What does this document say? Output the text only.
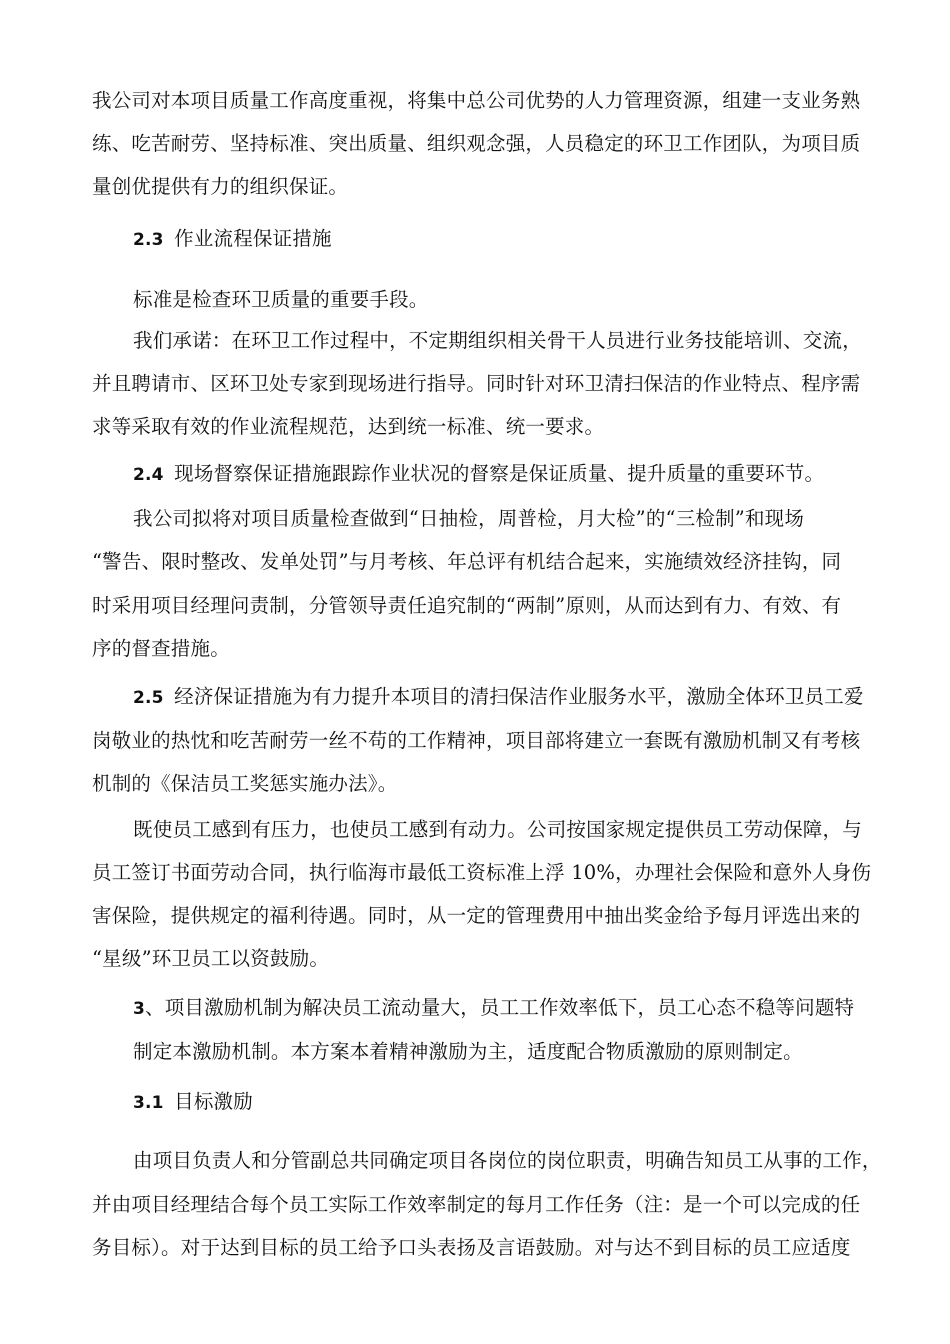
我公司对本项目质量工作高度重视，将集中总公司优势的人力管理资源，组建一支业务熟
练、吃苦耐劳、坚持标准、突出质量、组织观念强，人员稳定的环卫工作团队，为项目质
量创优提供有力的组织保证。
2.3 作业流程保证措施
标准是检查环卫质量的重要手段。
我们承诺：在环卫工作过程中，不定期组织相关骨干人员进行业务技能培训、交流，
并且聘请市、区环卫处专家到现场进行指导。同时针对环卫清扫保洁的作业特点、程序需
求等采取有效的作业流程规范，达到统一标准、统一要求。
2.4 现场督察保证措施跟踪作业状况的督察是保证质量、提升质量的重要环节。
我公司拟将对项目质量检查做到“日抽检，周普检，月大检”的“三检制”和现场
“警告、限时整改、发单处罚”与月考核、年总评有机结合起来，实施绩效经济挂钩，同
时采用项目经理问责制，分管领导责任追究制的“两制”原则，从而达到有力、有效、有
序的督查措施。
2.5 经济保证措施为有力提升本项目的清扫保洁作业服务水平，激励全体环卫员工爱
岗敬业的热忱和吃苦耐劳一丝不苟的工作精神，项目部将建立一套既有激励机制又有考核
机制的《保洁员工奖惩实施办法》。
既使员工感到有压力，也使员工感到有动力。公司按国家规定提供员工劳动保障，与
员工签订书面劳动合同，执行临海市最低工资标准上浮 10%，办理社会保险和意外人身伤
害保险，提供规定的福利待遇。同时，从一定的管理费用中抽出奖金给予每月评选出来的
“星级”环卫员工以资鼓励。
3、项目激励机制为解决员工流动量大，员工工作效率低下，员工心态不稳等问题特
制定本激励机制。本方案本着精神激励为主，适度配合物质激励的原则制定。
3.1 目标激励
由项目负责人和分管副总共同确定项目各岗位的岗位职责，明确告知员工从事的工作，
并由项目经理结合每个员工实际工作效率制定的每月工作任务（注：是一个可以完成的任
务目标）。对于达到目标的员工给予口头表扬及言语鼓励。对与达不到目标的员工应适度
